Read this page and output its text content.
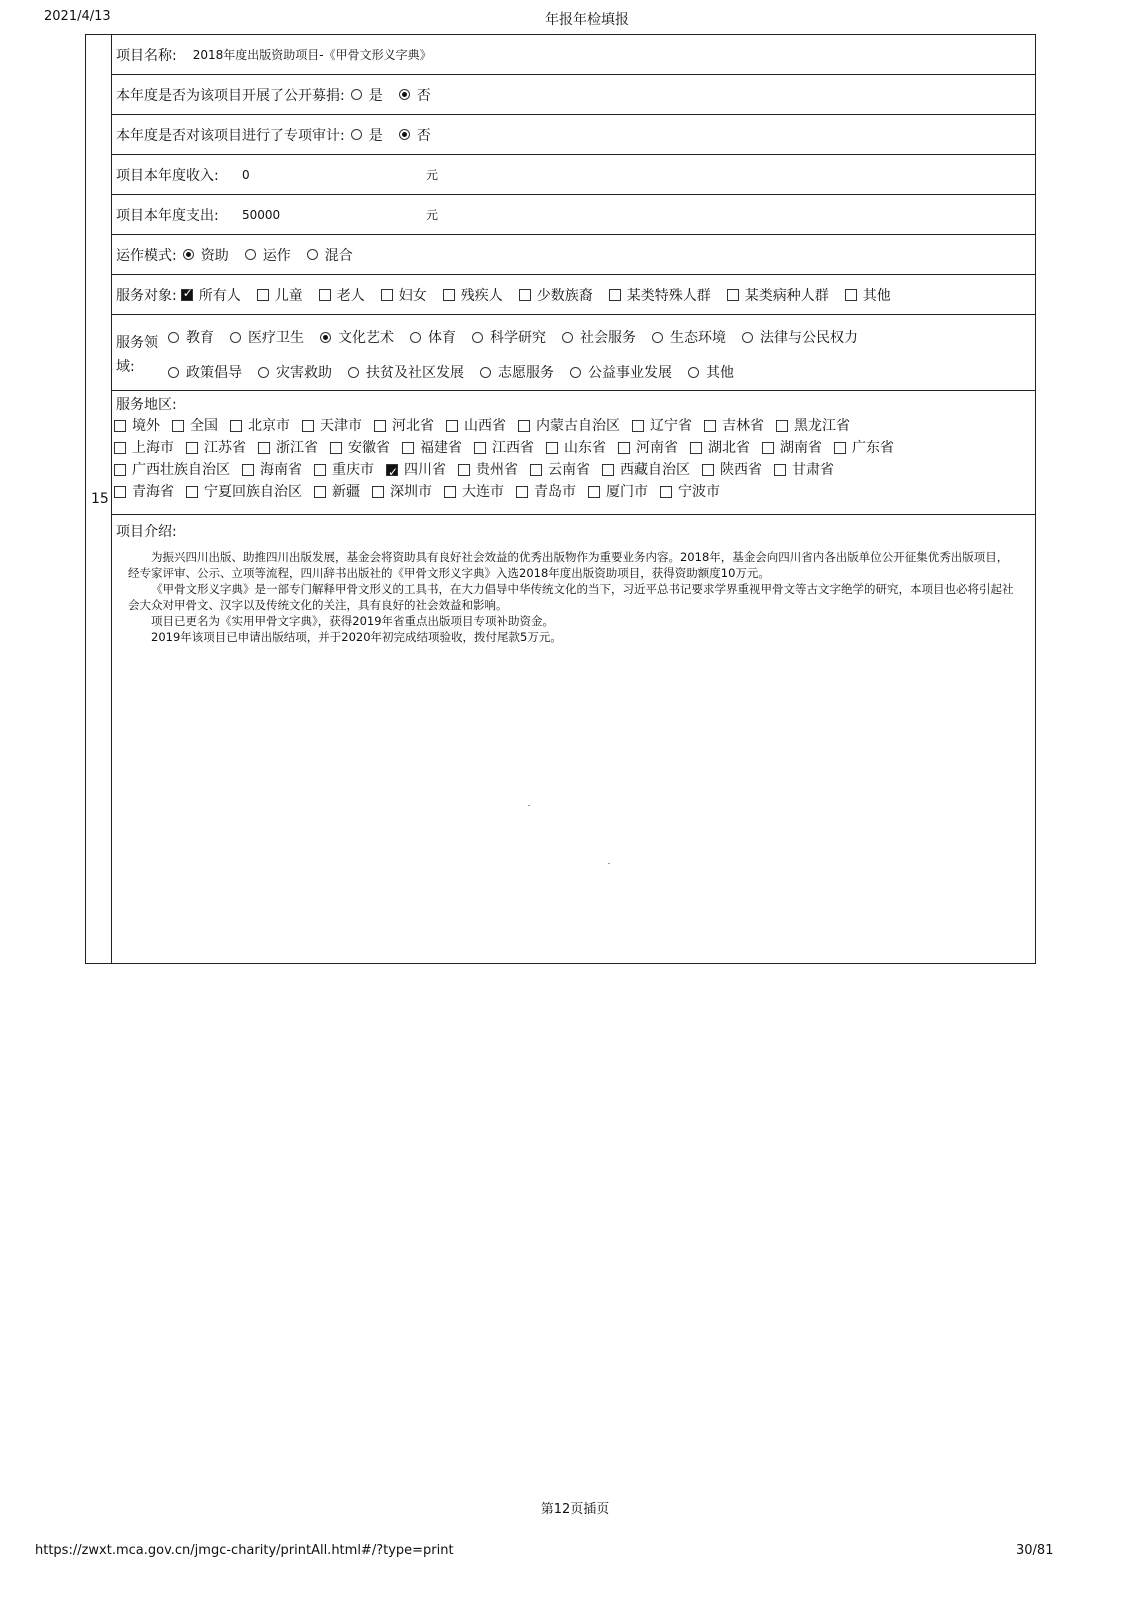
2021/4/13	年报年检填报
15
项目名称: 2018年度出版资助项目-《甲骨文形义字典》
本年度是否为该项目开展了公开募捐: 是 否
本年度是否对该项目进行了专项审计: 是 否
项目本年度收入: 0	元
项目本年度支出: 50000	元
运作模式: 资助 运作 混合
服务对象: ✓ 所有人 儿童 老人 妇女 残疾人 少数族裔 某类特殊人群 某类病种人群 其他
服务领
域:
教育 医疗卫生 文化艺术 体育 科学研究 社会服务 生态环境 法律与公民权力
政策倡导 灾害救助 扶贫及社区发展 志愿服务 公益事业发展 其他
服务地区:
境外 全国 北京市 天津市 河北省 山西省 内蒙古自治区 辽宁省 吉林省 黑龙江省
上海市 江苏省 浙江省 安徽省 福建省 江西省 山东省 河南省 湖北省 湖南省 广东省
广西壮族自治区 海南省 重庆市 ✓ 四川省 贵州省 云南省 西藏自治区 陕西省 甘肃省
青海省 宁夏回族自治区 新疆 深圳市 大连市 青岛市 厦门市 宁波市
项目介绍:

为振兴四川出版、助推四川出版发展，基金会将资助具有良好社会效益的优秀出版物作为重要业务内容。2018年，基金会向四川省内各出版单位公开征集优秀出版项目，经专家评审、公示、立项等流程，四川辞书出版社的《甲骨文形义字典》入选2018年度出版资助项目，获得资助额度10万元。

《甲骨文形义字典》是一部专门解释甲骨文形义的工具书，在大力倡导中华传统文化的当下，习近平总书记要求学界重视甲骨文等古文字绝学的研究，本项目也必将引起社会大众对甲骨文、汉字以及传统文化的关注，具有良好的社会效益和影响。

项目已更名为《实用甲骨文字典》，获得2019年省重点出版项目专项补助资金。

2019年该项目已申请出版结项，并于2020年初完成结项验收，拨付尾款5万元。

第12页插页
https://zwxt.mca.gov.cn/jmgc-charity/printAll.html#/?type=print	30/81
